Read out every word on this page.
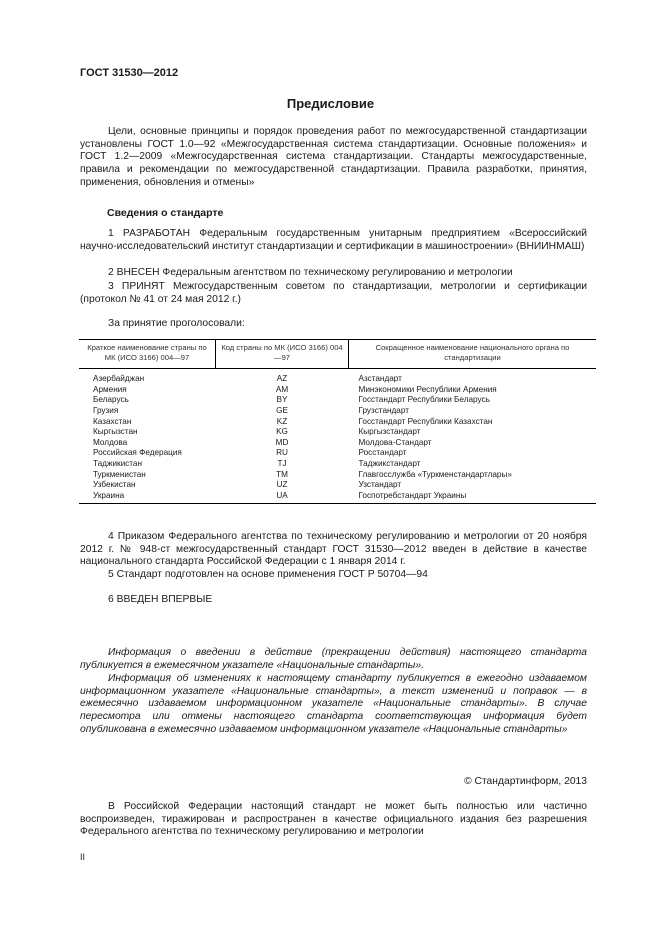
ГОСТ 31530—2012
Предисловие
Цели, основные принципы и порядок проведения работ по межгосударственной стандартизации установлены ГОСТ 1.0—92 «Межгосударственная система стандартизации. Основные положения» и ГОСТ 1.2—2009 «Межгосударственная система стандартизации. Стандарты межгосударственные, правила и рекомендации по межгосударственной стандартизации. Правила разработки, принятия, применения, обновления и отмены»
Сведения о стандарте
1 РАЗРАБОТАН Федеральным государственным унитарным предприятием «Всероссийский научно-исследовательский институт стандартизации и сертификации в машиностроении» (ВНИИНМАШ)
2 ВНЕСЕН Федеральным агентством по техническому регулированию и метрологии
3 ПРИНЯТ Межгосударственным советом по стандартизации, метрологии и сертификации (протокол № 41 от 24 мая 2012 г.)
За принятие проголосовали:
Краткое наименование страны по МК (ИСО 3166) 004—97	Код страны по МК (ИСО 3166) 004—97	Сокращенное наименование национального органа по стандартизации

Азербайджан	AZ	Азстандарт
Армения	AM	Минэкономики Республики Армения
Беларусь	BY	Госстандарт Республики Беларусь
Грузия	GE	Грузстандарт
Казахстан	KZ	Госстандарт Республики Казахстан
Кыргызстан	KG	Кыргызстандарт
Молдова	MD	Молдова-Стандарт
Российская Федерация	RU	Росстандарт
Таджикистан	TJ	Таджикстандарт
Туркменистан	TM	Главгосслужба «Туркменстандартлары»
Узбекистан	UZ	Узстандарт
Украина	UA	Госпотребстандарт Украины
4 Приказом Федерального агентства по техническому регулированию и метрологии от 20 ноября 2012 г. № 948-ст межгосударственный стандарт ГОСТ 31530—2012 введен в действие в качестве национального стандарта Российской Федерации с 1 января 2014 г.
5 Стандарт подготовлен на основе применения ГОСТ Р 50704—94
6 ВВЕДЕН ВПЕРВЫЕ
Информация о введении в действие (прекращении действия) настоящего стандарта публикуется в ежемесячном указателе «Национальные стандарты».
Информация об изменениях к настоящему стандарту публикуется в ежегодно издаваемом информационном указателе «Национальные стандарты», а текст изменений и поправок — в ежемесячно издаваемом информационном указателе «Национальные стандарты». В случае пересмотра или отмены настоящего стандарта соответствующая информация будет опубликована в ежемесячно издаваемом информационном указателе «Национальные стандарты»
© Стандартинформ, 2013
В Российской Федерации настоящий стандарт не может быть полностью или частично воспроизведен, тиражирован и распространен в качестве официального издания без разрешения Федерального агентства по техническому регулированию и метрологии
II
